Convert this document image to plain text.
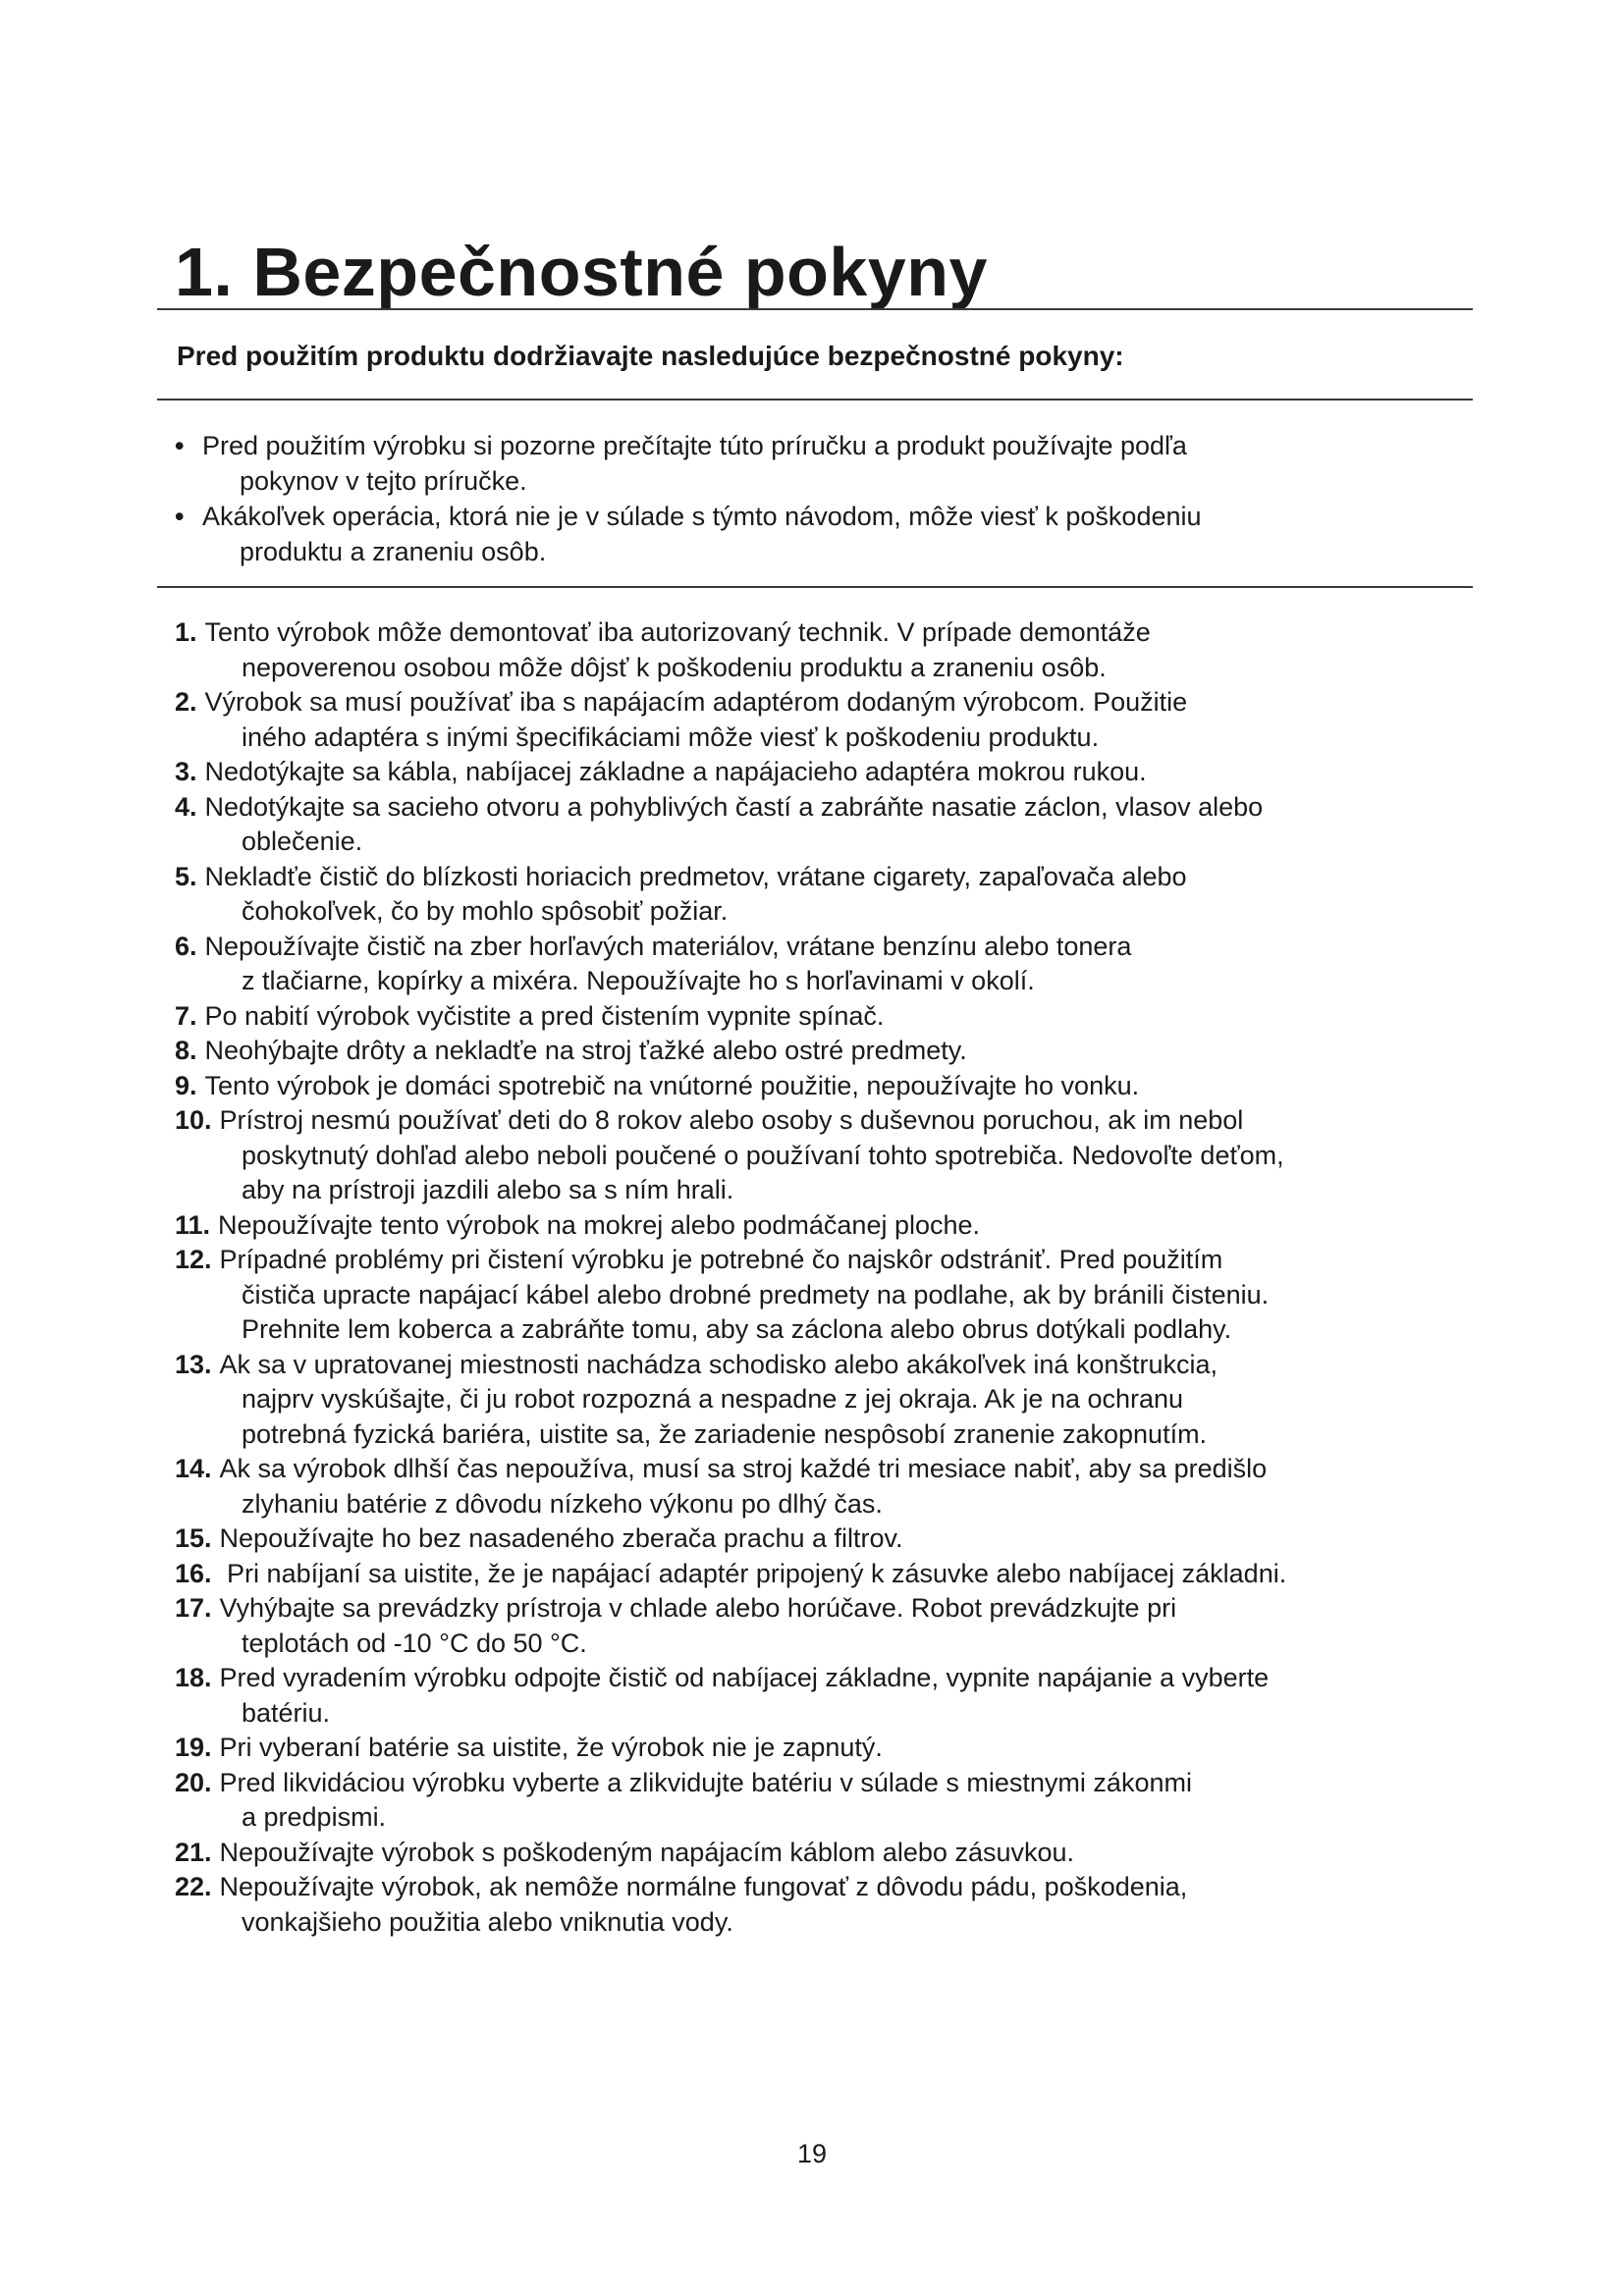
1. Bezpečnostné pokyny
Pred použitím produktu dodržiavajte nasledujúce bezpečnostné pokyny:
• Pred použitím výrobku si pozorne prečítajte túto príručku a produkt používajte podľa
pokynov v tejto príručke.
• Akákoľvek operácia, ktorá nie je v súlade s týmto návodom, môže viesť k poškodeniu
produktu a zraneniu osôb.
1. Tento výrobok môže demontovať iba autorizovaný technik. V prípade demontáže
nepoverenou osobou môže dôjsť k poškodeniu produktu a zraneniu osôb.
2. Výrobok sa musí používať iba s napájacím adaptérom dodaným výrobcom. Použitie
iného adaptéra s inými špecifikáciami môže viesť k poškodeniu produktu.
3. Nedotýkajte sa kábla, nabíjacej základne a napájacieho adaptéra mokrou rukou.
4. Nedotýkajte sa sacieho otvoru a pohyblivých častí a zabráňte nasatie záclon, vlasov alebo
oblečenie.
5. Nekladťe čistič do blízkosti horiacich predmetov, vrátane cigarety, zapaľovača alebo
čohokoľvek, čo by mohlo spôsobiť požiar.
6. Nepoužívajte čistič na zber horľavých materiálov, vrátane benzínu alebo tonera
z tlačiarne, kopírky a mixéra. Nepoužívajte ho s horľavinami v okolí.
7. Po nabití výrobok vyčistite a pred čistením vypnite spínač.
8. Neohýbajte drôty a nekladťe na stroj ťažké alebo ostré predmety.
9. Tento výrobok je domáci spotrebič na vnútorné použitie, nepoužívajte ho vonku.
10. Prístroj nesmú používať deti do 8 rokov alebo osoby s duševnou poruchou, ak im nebol
poskytnutý dohľad alebo neboli poučené o používaní tohto spotrebiča. Nedovoľte deťom,
aby na prístroji jazdili alebo sa s ním hrali.
11. Nepoužívajte tento výrobok na mokrej alebo podmáčanej ploche.
12. Prípadné problémy pri čistení výrobku je potrebné čo najskôr odstrániť. Pred použitím
čističa upracte napájací kábel alebo drobné predmety na podlahe, ak by bránili čisteniu.
Prehnite lem koberca a zabráňte tomu, aby sa záclona alebo obrus dotýkali podlahy.
13. Ak sa v upratovanej miestnosti nachádza schodisko alebo akákoľvek iná konštrukcia,
najprv vyskúšajte, či ju robot rozpozná a nespadne z jej okraja. Ak je na ochranu
potrebná fyzická bariéra, uistite sa, že zariadenie nespôsobí zranenie zakopnutím.
14. Ak sa výrobok dlhší čas nepoužíva, musí sa stroj každé tri mesiace nabiť, aby sa predišlo
zlyhaniu batérie z dôvodu nízkeho výkonu po dlhý čas.
15. Nepoužívajte ho bez nasadeného zberača prachu a filtrov.
16. Pri nabíjaní sa uistite, že je napájací adaptér pripojený k zásuvke alebo nabíjacej základni.
17. Vyhýbajte sa prevádzky prístroja v chlade alebo horúčave. Robot prevádzkujte pri
teplotách od -10 °C do 50 °C.
18. Pred vyradením výrobku odpojte čistič od nabíjacej základne, vypnite napájanie a vyberte
batériu.
19. Pri vyberaní batérie sa uistite, že výrobok nie je zapnutý.
20. Pred likvidáciou výrobku vyberte a zlikvidujte batériu v súlade s miestnymi zákonmi
a predpismi.
21. Nepoužívajte výrobok s poškodeným napájacím káblom alebo zásuvkou.
22. Nepoužívajte výrobok, ak nemôže normálne fungovať z dôvodu pádu, poškodenia,
vonkajšieho použitia alebo vniknutia vody.
19
